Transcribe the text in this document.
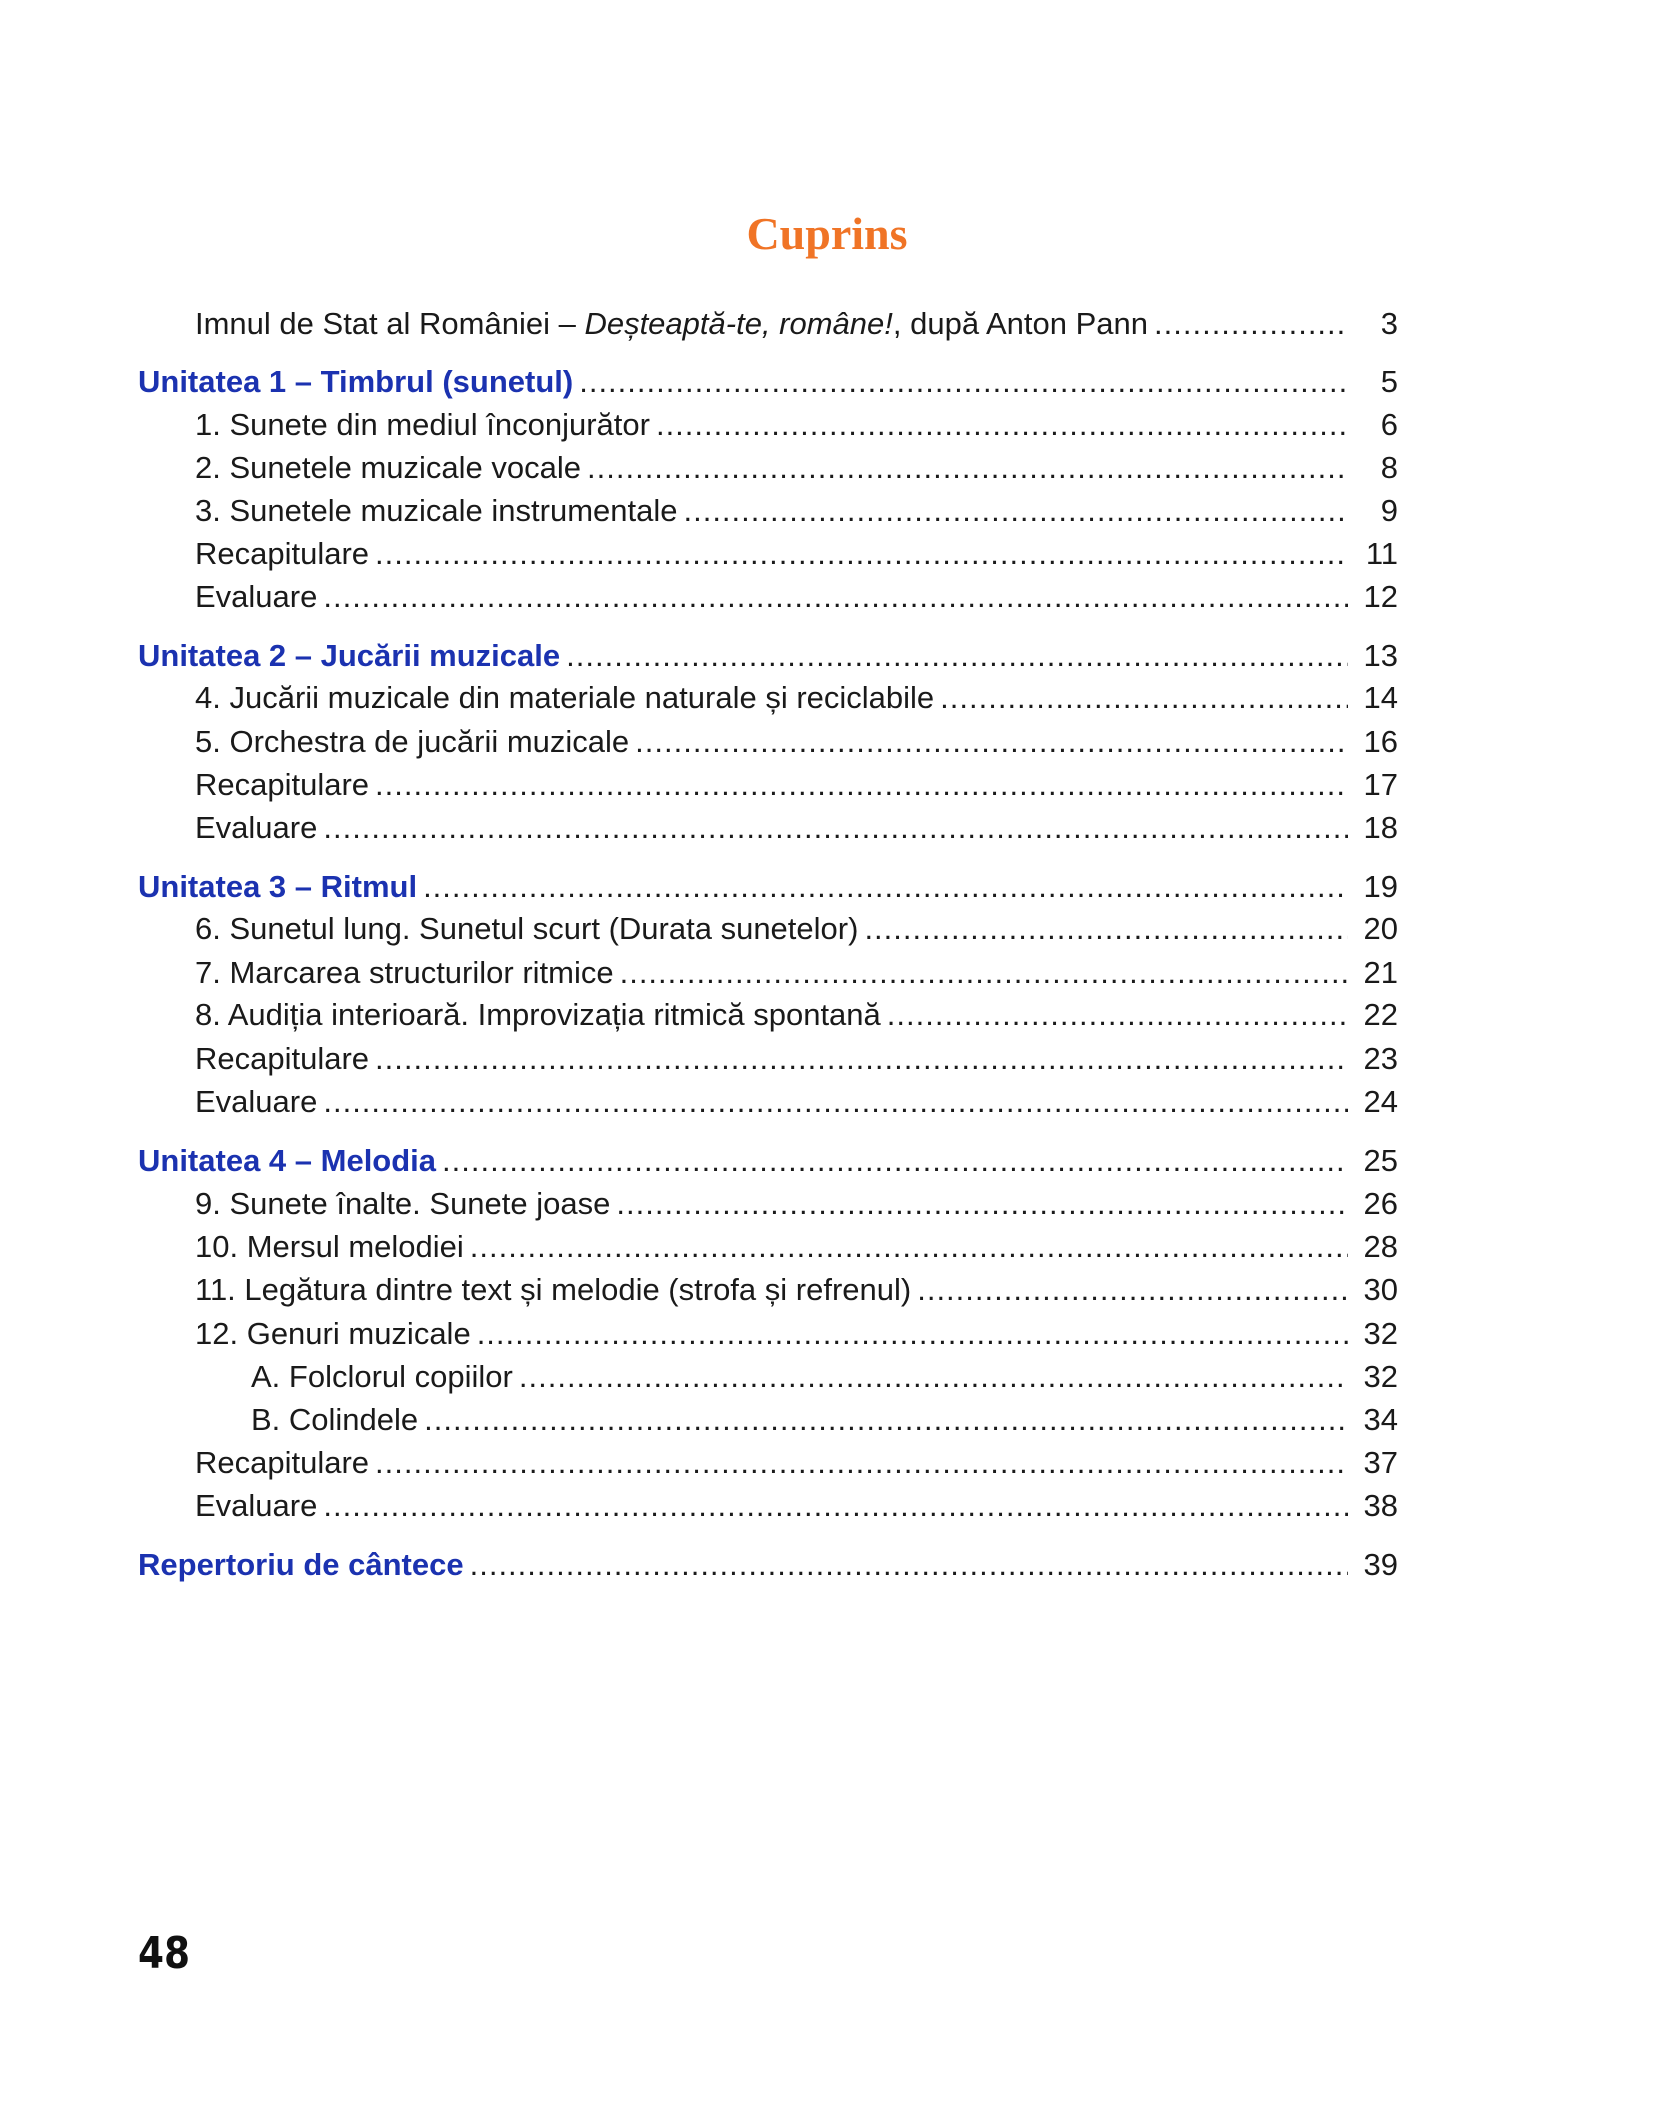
Cuprins
Imnul de Stat al României – Deșteaptă-te, române!, după Anton Pann .....	3
Unitatea 1 – Timbrul (sunetul) .....	5
1. Sunete din mediul înconjurător .....	6
2. Sunetele muzicale vocale .....	8
3. Sunetele muzicale instrumentale .....	9
Recapitulare .....	11
Evaluare .....	12
Unitatea 2 – Jucării muzicale .....	13
4. Jucării muzicale din materiale naturale și reciclabile .....	14
5. Orchestra de jucării muzicale .....	16
Recapitulare .....	17
Evaluare .....	18
Unitatea 3 – Ritmul .....	19
6. Sunetul lung. Sunetul scurt (Durata sunetelor) .....	20
7. Marcarea structurilor ritmice .....	21
8. Audiția interioară. Improvizația ritmică spontană .....	22
Recapitulare .....	23
Evaluare .....	24
Unitatea 4 – Melodia .....	25
9. Sunete înalte. Sunete joase .....	26
10. Mersul melodiei .....	28
11. Legătura dintre text și melodie (strofa și refrenul) .....	30
12. Genuri muzicale .....	32
A. Folclorul copiilor .....	32
B. Colindele .....	34
Recapitulare .....	37
Evaluare .....	38
Repertoriu de cântece .....	39
48
